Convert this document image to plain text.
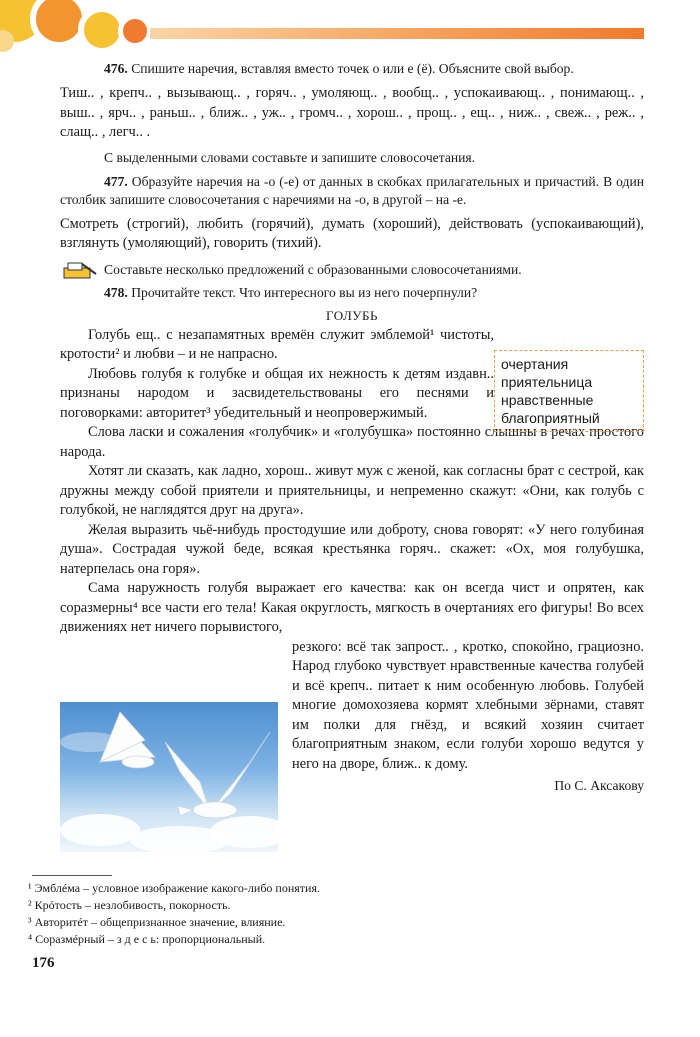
476. Спишите наречия, вставляя вместо точек о или е (ё). Объясните свой выбор.

Тиш.. , крепч.. , вызывающ.. , горяч.. , умоляющ.. , вообщ.. , успокаивающ.. , понимающ.. , выш.. , ярч.. , раньш.. , ближ.. , уж.. , громч.. , хорош.. , прощ.. , ещ.. , ниж.. , свеж.. , реж.. , слащ.. , легч.. .

С выделенными словами составьте и запишите словосочетания.

477. Образуйте наречия на -о (-е) от данных в скобках прилагательных и причастий. В один столбик запишите словосочетания с наречиями на -о, в другой – на -е.

Смотреть (строгий), любить (горячий), думать (хороший), действовать (успокаивающий), взглянуть (умоляющий), говорить (тихий).

Составьте несколько предложений с образованными словосочетаниями.

478. Прочитайте текст. Что интересного вы из него почерпнули?

ГОЛУБЬ

Голубь ещ.. с незапамятных времён служит эмблемой¹ чистоты, кротости² и любви – и не напрасно.

Любовь голубя к голубке и общая их нежность к детям издавн.. признаны народом и засвидетельствованы его песнями и поговорками: авторитет³ убедительный и неопровержимый.

Слова ласки и сожаления «голубчик» и «голубушка» постоянно слышны в речах простого народа.

Хотят ли сказать, как ладно, хорош.. живут муж с женой, как согласны брат с сестрой, как дружны между собой приятели и приятельницы, и непременно скажут: «Они, как голубь с голубкой, не наглядятся друг на друга».

Желая выразить чьё-нибудь простодушие или доброту, снова говорят: «У него голубиная душа». Сострадая чужой беде, всякая крестьянка горяч.. скажет: «Ох, моя голубушка, натерпелась она горя».

Сама наружность голубя выражает его качества: как он всегда чист и опрятен, как соразмерны⁴ все части его тела! Какая округлость, мягкость в очертаниях его фигуры! Во всех движениях нет ничего порывистого,

резкого: всё так запрост.. , кротко, спокойно, грациозно. Народ глубоко чувствует нравственные качества голубей и всё крепч.. питает к ним особенную любовь. Голубей многие домохозяева кормят хлебными зёрнами, ставят им полки для гнёзд, и всякий хозяин считает благоприятным знаком, если голуби хорошо ведутся у него на дворе, ближ.. к дому.

По С. Аксакову
очертания
приятельница
нравственные
благоприятный
¹ Эмблéма – условное изображение какого-либо понятия.
² Крóтость – незлобивость, покорность.
³ Авторитéт – общепризнанное значение, влияние.
⁴ Соразмéрный – з д е с ь: пропорциональный.
176
